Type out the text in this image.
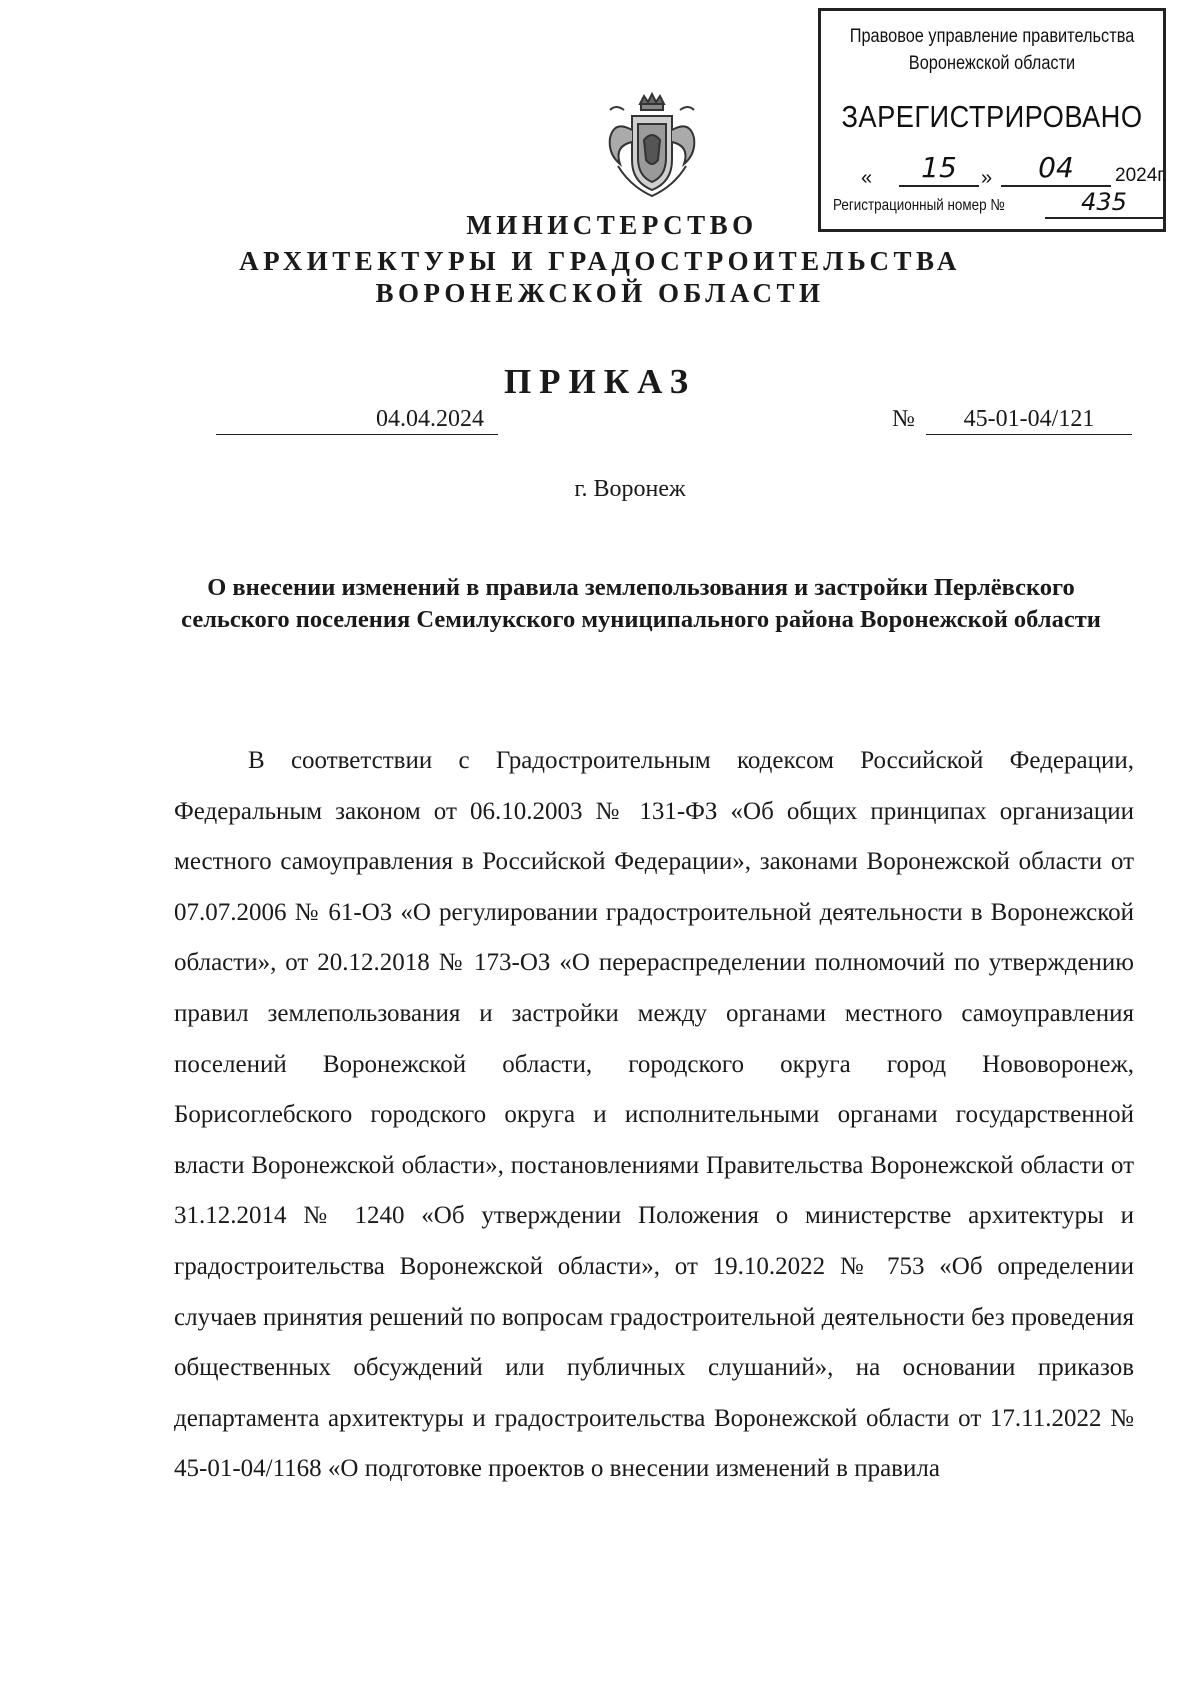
Правовое управление правительства
Воронежской области
ЗАРЕГИСТРИРОВАНО
«	15	»	04	2024г.
Регистрационный номер №	435
МИНИСТЕРСТВО
АРХИТЕКТУРЫ И ГРАДОСТРОИТЕЛЬСТВА
ВОРОНЕЖСКОЙ ОБЛАСТИ
ПРИКАЗ
04.04.2024	№	45-01-04/121
г. Воронеж
О внесении изменений в правила землепользования и застройки Перлёвского сельского поселения Семилукского муниципального района Воронежской области

В соответствии с Градостроительным кодексом Российской Федерации, Федеральным законом от 06.10.2003 № 131-ФЗ «Об общих принципах организации местного самоуправления в Российской Федерации», законами Воронежской области от 07.07.2006 № 61-ОЗ «О регулировании градостроительной деятельности в Воронежской области», от 20.12.2018 № 173-ОЗ «О перераспределении полномочий по утверждению правил землепользования и застройки между органами местного самоуправления поселений Воронежской области, городского округа город Нововоронеж, Борисоглебского городского округа и исполнительными органами государственной власти Воронежской области», постановлениями Правительства Воронежской области от 31.12.2014 № 1240 «Об утверждении Положения о министерстве архитектуры и градостроительства Воронежской области», от 19.10.2022 № 753 «Об определении случаев принятия решений по вопросам градостроительной деятельности без проведения общественных обсуждений или публичных слушаний», на основании приказов департамента архитектуры и градостроительства Воронежской области от 17.11.2022 № 45-01-04/1168 «О подготовке проектов о внесении изменений в правила
